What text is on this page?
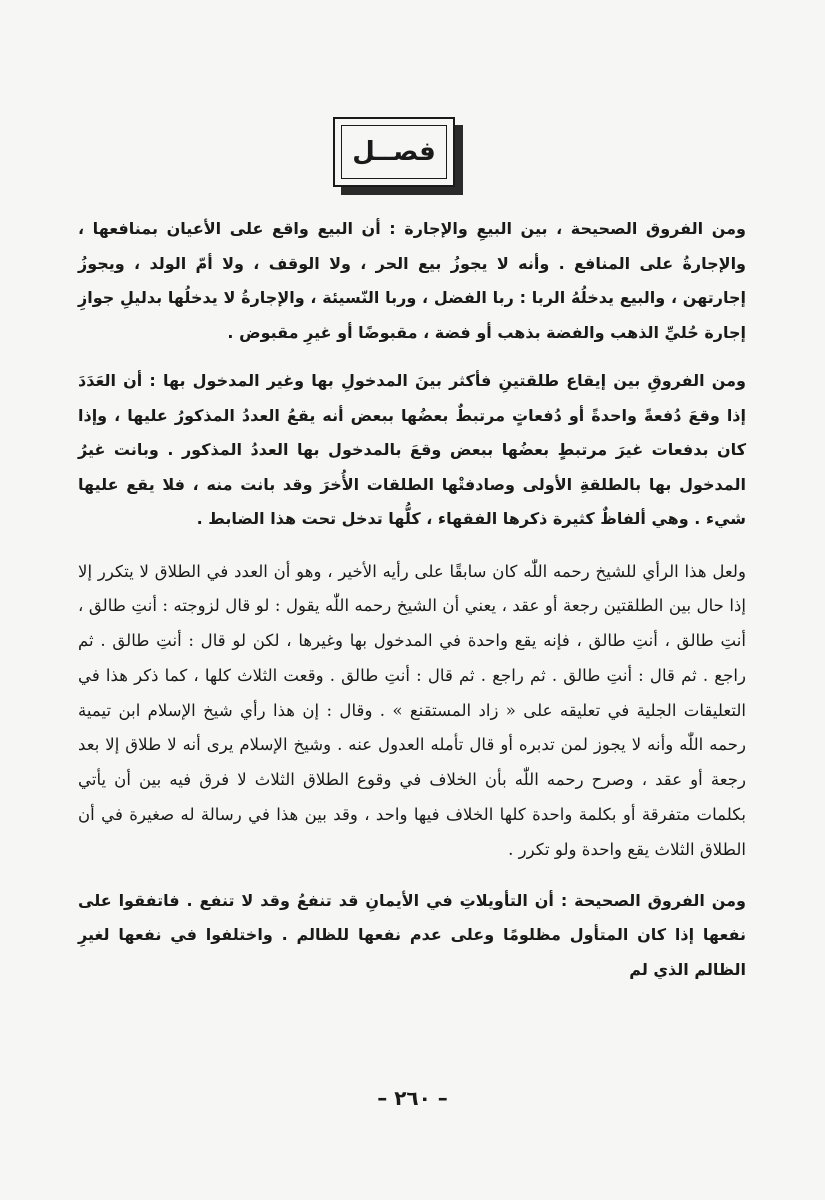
فصــل

ومن الفروق الصحيحة ، بين البيعِ والإجارة : أن البيع واقع على الأعيان بمنافعها ، والإجارةُ على المنافع . وأنه لا يجوزُ بيع الحر ، ولا الوقف ، ولا أمّ الولد ، ويجوزُ إجارتهن ، والبيع يدخلُهُ الربا : ربا الفضل ، وربا النّسيئة ، والإجارةُ لا يدخلُها بدليلِ جوازِ إجارة حُليِّ الذهب والفضة بذهب أو فضة ، مقبوضًا أو غيرِ مقبوض .

ومن الفروقِ بين إيقاع طلقتينِ فأكثر بينَ المدخولِ بها وغير المدخول بها : أن العَدَدَ إذا وقعَ دُفعةً واحدةً أو دُفعاتٍ مرتبطٌ بعضُها ببعض أنه يقعُ العددُ المذكورُ عليها ، وإذا كان بدفعات غيرَ مرتبطٍ بعضُها ببعض وقعَ بالمدخول بها العددُ المذكور . وبانت غيرُ المدخول بها بالطلقةِ الأولى وصادفتْها الطلقات الأُخرَ وقد بانت منه ، فلا يقع عليها شيء . وهي ألفاظٌ كثيرة ذكرها الفقهاء ، كلُّها تدخل تحت هذا الضابط .

ولعل هذا الرأي للشيخ رحمه اللّٰه كان سابقًا على رأيه الأخير ، وهو أن العدد في الطلاق لا يتكرر إلا إذا حال بين الطلقتين رجعة أو عقد ، يعني أن الشيخ رحمه اللّٰه يقول : لو قال لزوجته : أنتِ طالق ، أنتِ طالق ، أنتِ طالق ، فإنه يقع واحدة في المدخول بها وغيرها ، لكن لو قال : أنتِ طالق . ثم راجع . ثم قال : أنتِ طالق . ثم راجع . ثم قال : أنتِ طالق . وقعت الثلاث كلها ، كما ذكر هذا في التعليقات الجلية في تعليقه على « زاد المستقنع » . وقال : إن هذا رأي شيخ الإسلام ابن تيمية رحمه اللّٰه وأنه لا يجوز لمن تدبره أو قال تأمله العدول عنه . وشيخ الإسلام يرى أنه لا طلاق إلا بعد رجعة أو عقد ، وصرح رحمه اللّٰه بأن الخلاف في وقوع الطلاق الثلاث لا فرق فيه بين أن يأتي بكلمات متفرقة أو بكلمة واحدة كلها الخلاف فيها واحد ، وقد بين هذا في رسالة له صغيرة في أن الطلاق الثلاث يقع واحدة ولو تكرر .

ومن الفروق الصحيحة : أن التأويلاتِ في الأيمانِ قد تنفعُ وقد لا تنفع . فاتفقوا على نفعها إذا كان المتأول مظلومًا وعلى عدم نفعها للظالم . واختلفوا في نفعها لغيرِ الظالم الذي لم

– ٢٦٠ –
